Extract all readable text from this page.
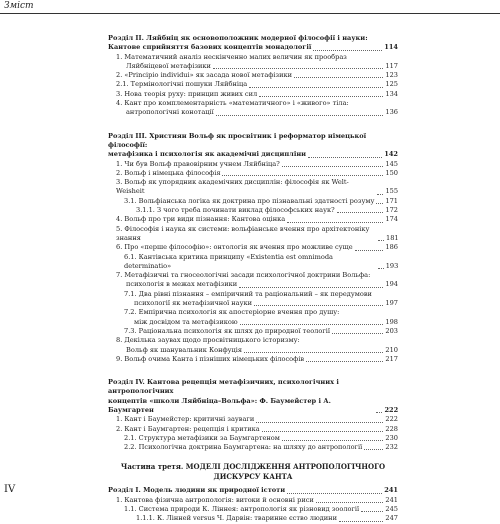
Зміст
Розділ II. Ляйбніц як основоположник модерної філософії і науки:
Кантове сприйняття базових концептів монадології	114
1. Математичний аналіз нескінченно малих величин як прообраз
Ляйбніцевої метафізики	117
2. «Principio individui» як засада нової метафізики	123
2.1. Термінологічні пошуки Ляйбніца	125
3. Нова теорія руху: принцип живих сил	134
4. Кант про комплементарність «математичного» і «живого» тіла:
антропологічні конотації	136
Розділ III. Християн Вольф як просвітник і реформатор німецької філософії:
метафізика і психологія як академічні дисципліни	142
1. Чи був Вольф правовірним учнем Ляйбніца?	145
2. Вольф і німецька філософія	150
3. Вольф як упорядник академічних дисциплін: філософія як Welt-Weisheit	155
3.1. Вольфіанська логіка як доктрина про пізнавальні здатності розуму 171
3.1.1. З чого треба починати виклад філософських наук?	172
4. Вольф про три види пізнання: Кантова оцінка	174
5. Філософія і наука як системи: вольфіанське вчення про архітектоніку знання	181
6. Про «перше філософію»: онтологія як вчення про можливе суще	186
6.1. Кантівська критика принципу «Existentia est omnimoda determinatio»	193
7. Метафізичні та гносеологічні засади психологічної доктрини Вольфа:
психологія в межах метафізики	194
7.1. Два рівні пізнання – емпіричний та раціональний – як передумови
психології як метафізичної науки	197
7.2. Емпірична психологія як апостеріорне вчення про душу:
між досвідом та метафізикою	198
7.3. Раціональна психологія як шлях до природної теології	203
8. Декілька заувах щодо просвітницького історизму:
Вольф як шанувальник Конфуція	210
9. Вольф очима Канта і пізніших німецьких філософів	217
Розділ IV. Кантова рецепція метафізичних, психологічних і антропологічних
концептів «школи Ляйбніца–Вольфа»: Ф. Баумейстер і А. Баумгартен	222
1. Кант і Баумейстер: критичні зауваги	222
2. Кант і Баумгартен: рецепція і критика	228
2.1. Структура метафізики за Баумгартеном	230
2.2. Психологічна доктрина Баумгартена: на шляху до антропології	232
Частина третя. МОДЕЛІ ДОСЛІДЖЕННЯ АНТРОПОЛОГІЧНОГО
ДИСКУРСУ КАНТА
Розділ І. Модель людини як природної істоти	241
1. Кантова фізична антропологія: витоки й основні риси	241
1.1. Система природи К. Ліннея: антропологія як різновид зоології	245
1.1.1. К. Лінней versus Ч. Дарвін: тваринне єство людини	247
IV
